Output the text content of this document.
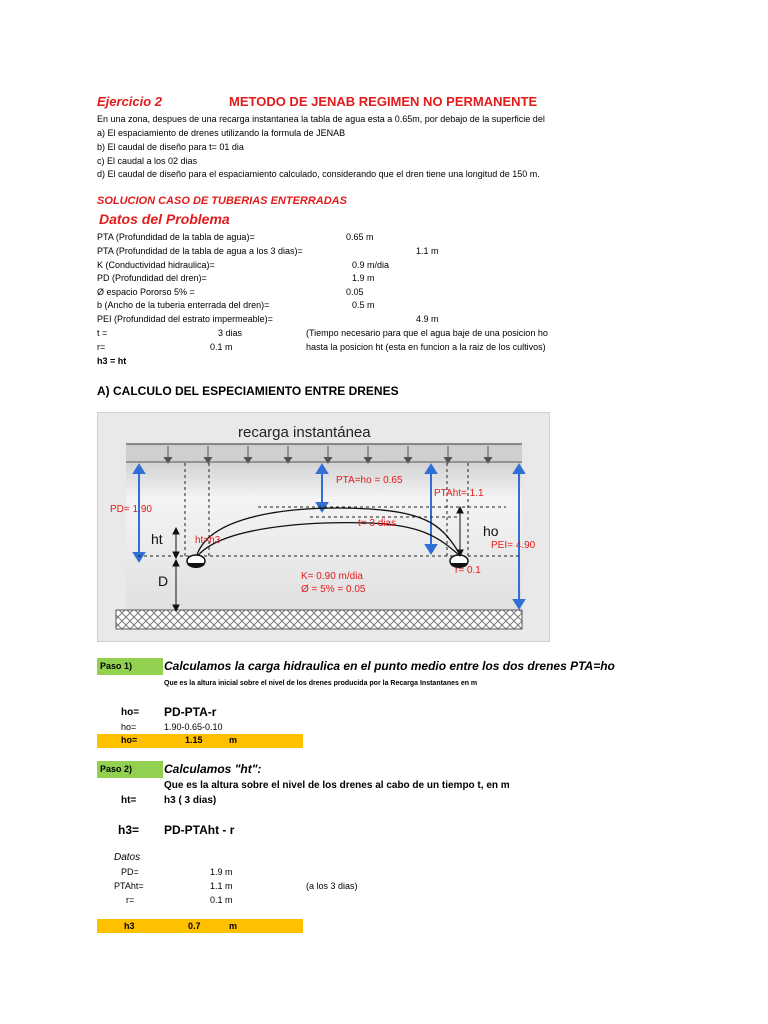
Ejercicio 2	METODO DE JENAB REGIMEN NO PERMANENTE
En una zona, despues de una recarga instantanea la tabla de agua esta a 0.65m, por debajo de la superficie del
a) El espaciamiento de drenes utilizando la formula de JENAB
b) El caudal de diseño para t= 01 dia
c) El caudal a los 02 dias
d) El caudal de diseño para el espaciamiento calculado, considerando que el dren tiene una longitud de 150 m.
SOLUCION CASO DE TUBERIAS ENTERRADAS
Datos del Problema
PTA (Profundidad de la tabla de agua)=	0.65 m
PTA (Profundidad de la tabla de agua a los 3 dias)=	1.1 m
K (Conductividad hidraulica)=	0.9 m/dia
PD (Profundidad del dren)=	1.9 m
Ø espacio Pororso 5% =	0.05
b (Ancho de la tuberia enterrada del dren)=	0.5 m
PEI (Profundidad del estrato impermeable)=	4.9 m
t =	3 dias	(Tiempo necesario para que el agua baje de una posicion ho
r=	0.1 m	hasta la posicion ht (esta en funcion a la raiz de los cultivos)
h3 = ht
A) CALCULO DEL ESPECIAMIENTO ENTRE DRENES
recarga instantánea
PD= 1.90
PTA=ho = 0.65
PTAht= 1.1
t= 3 dias	ho
PEI= 4.90
ht	ht=h3
r= 0.1
K= 0.90 m/dia
Ø = 5% = 0.05
D
Paso 1)	Calculamos la carga hidraulica en el punto medio entre los dos drenes PTA=ho
Que es la altura inicial sobre el nivel de los drenes producida por la Recarga Instantanes en m
ho= PD-PTA-r
ho=	1.90-0.65-0.10
ho=	1.15	m
Paso 2)	Calculamos "ht":
Que es la altura sobre el nivel de los drenes al cabo de un tiempo t, en m
ht=	h3 ( 3 dias)
h3= PD-PTAht - r
Datos
PD=	1.9 m
PTAht=	1.1 m	(a los 3 dias)
r=	0.1 m
h3	0.7	m
